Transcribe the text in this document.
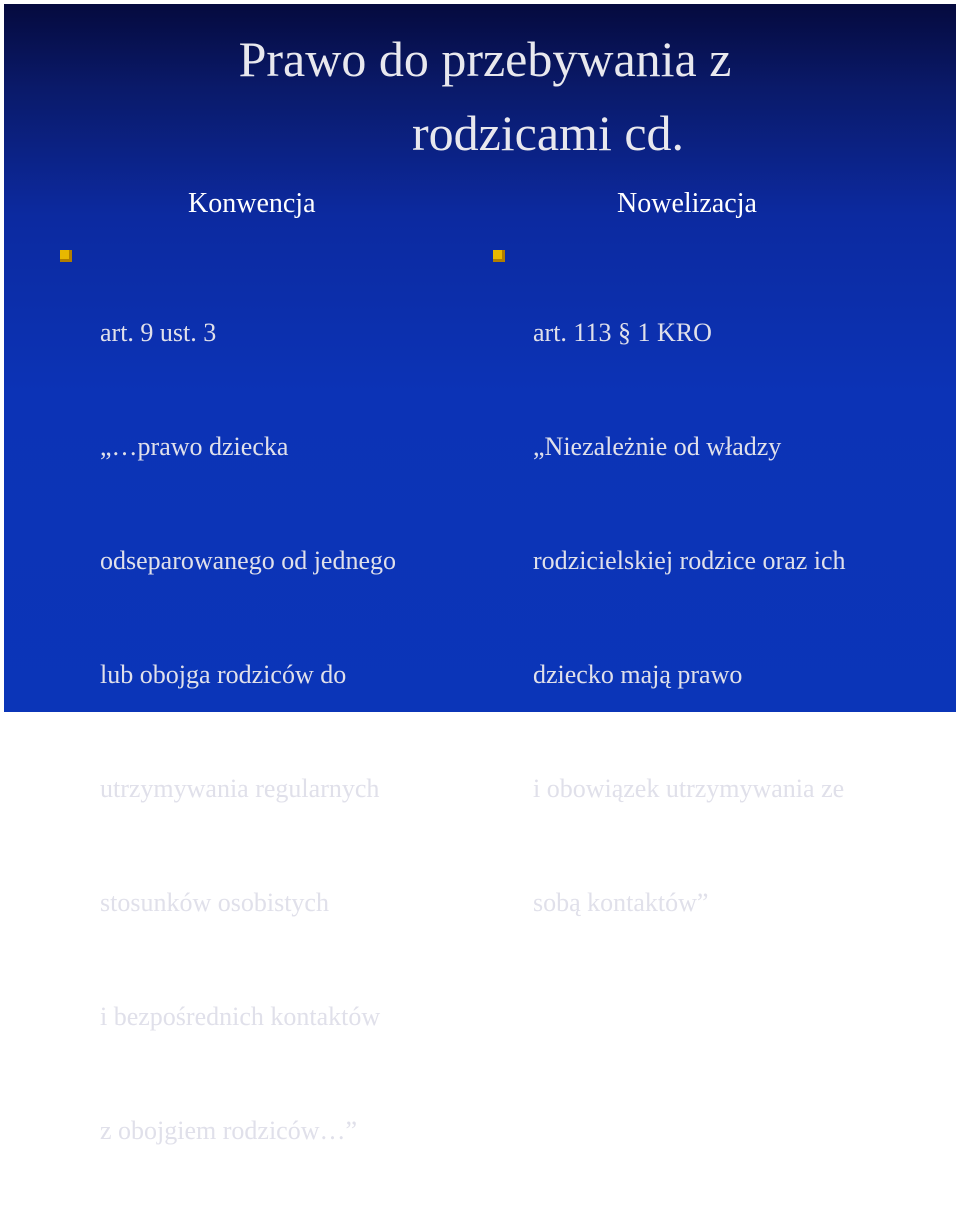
Prawo do przebywania z
rodzicami cd.
Konwencja

art. 9 ust. 3

„…prawo dziecka

odseparowanego od jednego

lub obojga rodziców do

utrzymywania regularnych

stosunków osobistych

i bezpośrednich kontaktów

z obojgiem rodziców…”

Nowelizacja

art. 113 § 1 KRO

„Niezależnie od władzy

rodzicielskiej rodzice oraz ich

dziecko mają prawo

i obowiązek utrzymywania ze

sobą kontaktów”
